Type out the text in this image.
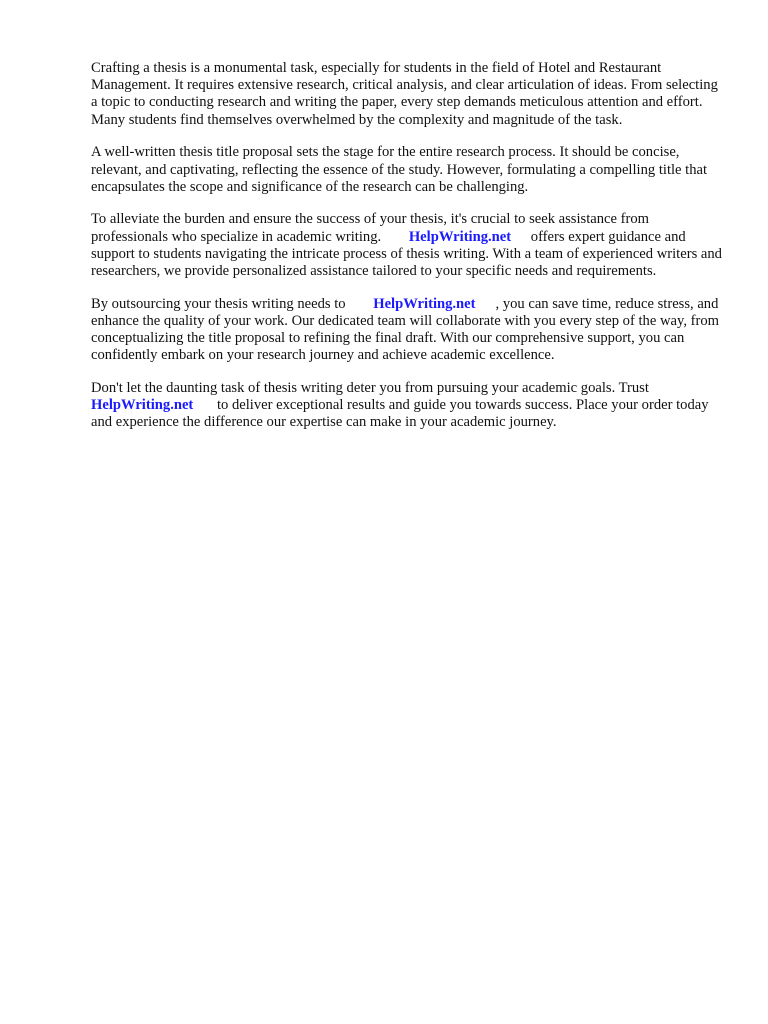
Crafting a thesis is a monumental task, especially for students in the field of Hotel and Restaurant Management. It requires extensive research, critical analysis, and clear articulation of ideas. From selecting a topic to conducting research and writing the paper, every step demands meticulous attention and effort. Many students find themselves overwhelmed by the complexity and magnitude of the task.

A well-written thesis title proposal sets the stage for the entire research process. It should be concise, relevant, and captivating, reflecting the essence of the study. However, formulating a compelling title that encapsulates the scope and significance of the research can be challenging.

To alleviate the burden and ensure the success of your thesis, it's crucial to seek assistance from professionals who specialize in academic writing. HelpWriting.net offers expert guidance and support to students navigating the intricate process of thesis writing. With a team of experienced writers and researchers, we provide personalized assistance tailored to your specific needs and requirements.

By outsourcing your thesis writing needs to HelpWriting.net , you can save time, reduce stress, and enhance the quality of your work. Our dedicated team will collaborate with you every step of the way, from conceptualizing the title proposal to refining the final draft. With our comprehensive support, you can confidently embark on your research journey and achieve academic excellence.

Don't let the daunting task of thesis writing deter you from pursuing your academic goals. Trust HelpWriting.net to deliver exceptional results and guide you towards success. Place your order today and experience the difference our expertise can make in your academic journey.
